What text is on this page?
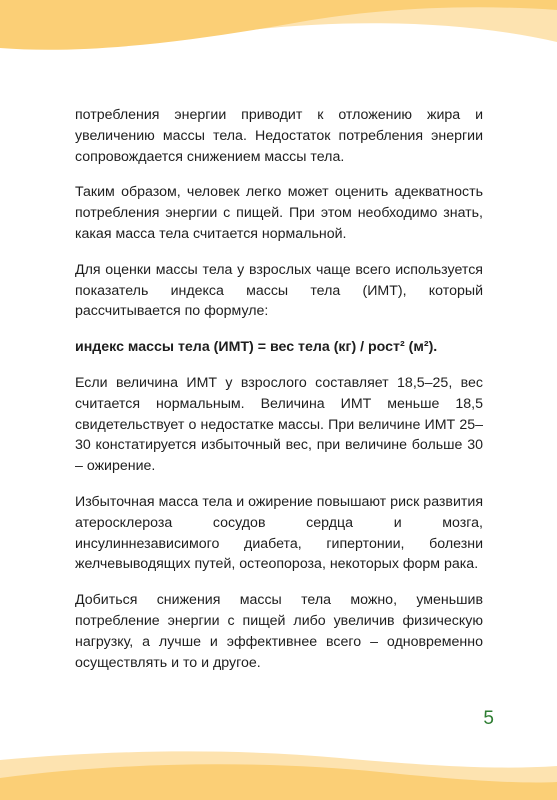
потребления энергии приводит к отложению жира и увеличению массы тела. Недостаток потребления энергии сопровождается снижением массы тела.

Таким образом, человек легко может оценить адекватность потребления энергии с пищей. При этом необходимо знать, какая масса тела считается нормальной.

Для оценки массы тела у взрослых чаще всего используется показатель индекса массы тела (ИМТ), который рассчитывается по формуле:

индекс массы тела (ИМТ) = вес тела (кг) / рост² (м²).

Если величина ИМТ у взрослого составляет 18,5–25, вес считается нормальным. Величина ИМТ меньше 18,5 свидетельствует о недостатке массы. При величине ИМТ 25–30 констатируется избыточный вес, при величине больше 30 – ожирение.

Избыточная масса тела и ожирение повышают риск развития атеросклероза сосудов сердца и мозга, инсулиннезависимого диабета, гипертонии, болезни желчевыводящих путей, остеопороза, некоторых форм рака.

Добиться снижения массы тела можно, уменьшив потребление энергии с пищей либо увеличив физическую нагрузку, а лучше и эффективнее всего – одновременно осуществлять и то и другое.

5
